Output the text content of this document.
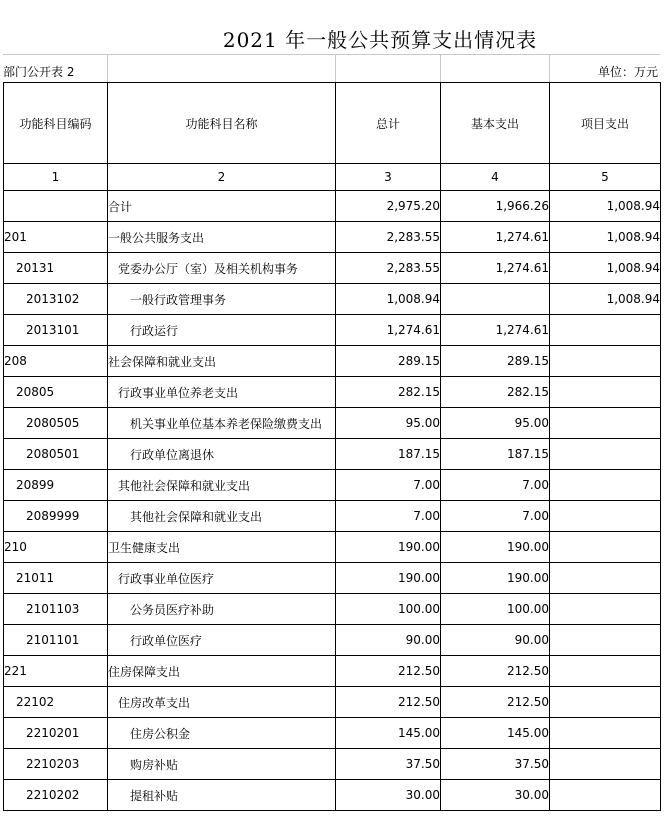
2021 年一般公共预算支出情况表
部门公开表 2	单位：万元
功能科目编码	功能科目名称	总计	基本支出	项目支出
1	2	3	4	5
	合计	2,975.20	1,966.26	1,008.94
201	一般公共服务支出	2,283.55	1,274.61	1,008.94
20131	党委办公厅（室）及相关机构事务	2,283.55	1,274.61	1,008.94
2013102	一般行政管理事务	1,008.94		1,008.94
2013101	行政运行	1,274.61	1,274.61	
208	社会保障和就业支出	289.15	289.15	
20805	行政事业单位养老支出	282.15	282.15	
2080505	机关事业单位基本养老保险缴费支出	95.00	95.00	
2080501	行政单位离退休	187.15	187.15	
20899	其他社会保障和就业支出	7.00	7.00	
2089999	其他社会保障和就业支出	7.00	7.00	
210	卫生健康支出	190.00	190.00	
21011	行政事业单位医疗	190.00	190.00	
2101103	公务员医疗补助	100.00	100.00	
2101101	行政单位医疗	90.00	90.00	
221	住房保障支出	212.50	212.50	
22102	住房改革支出	212.50	212.50	
2210201	住房公积金	145.00	145.00	
2210203	购房补贴	37.50	37.50	
2210202	提租补贴	30.00	30.00	
